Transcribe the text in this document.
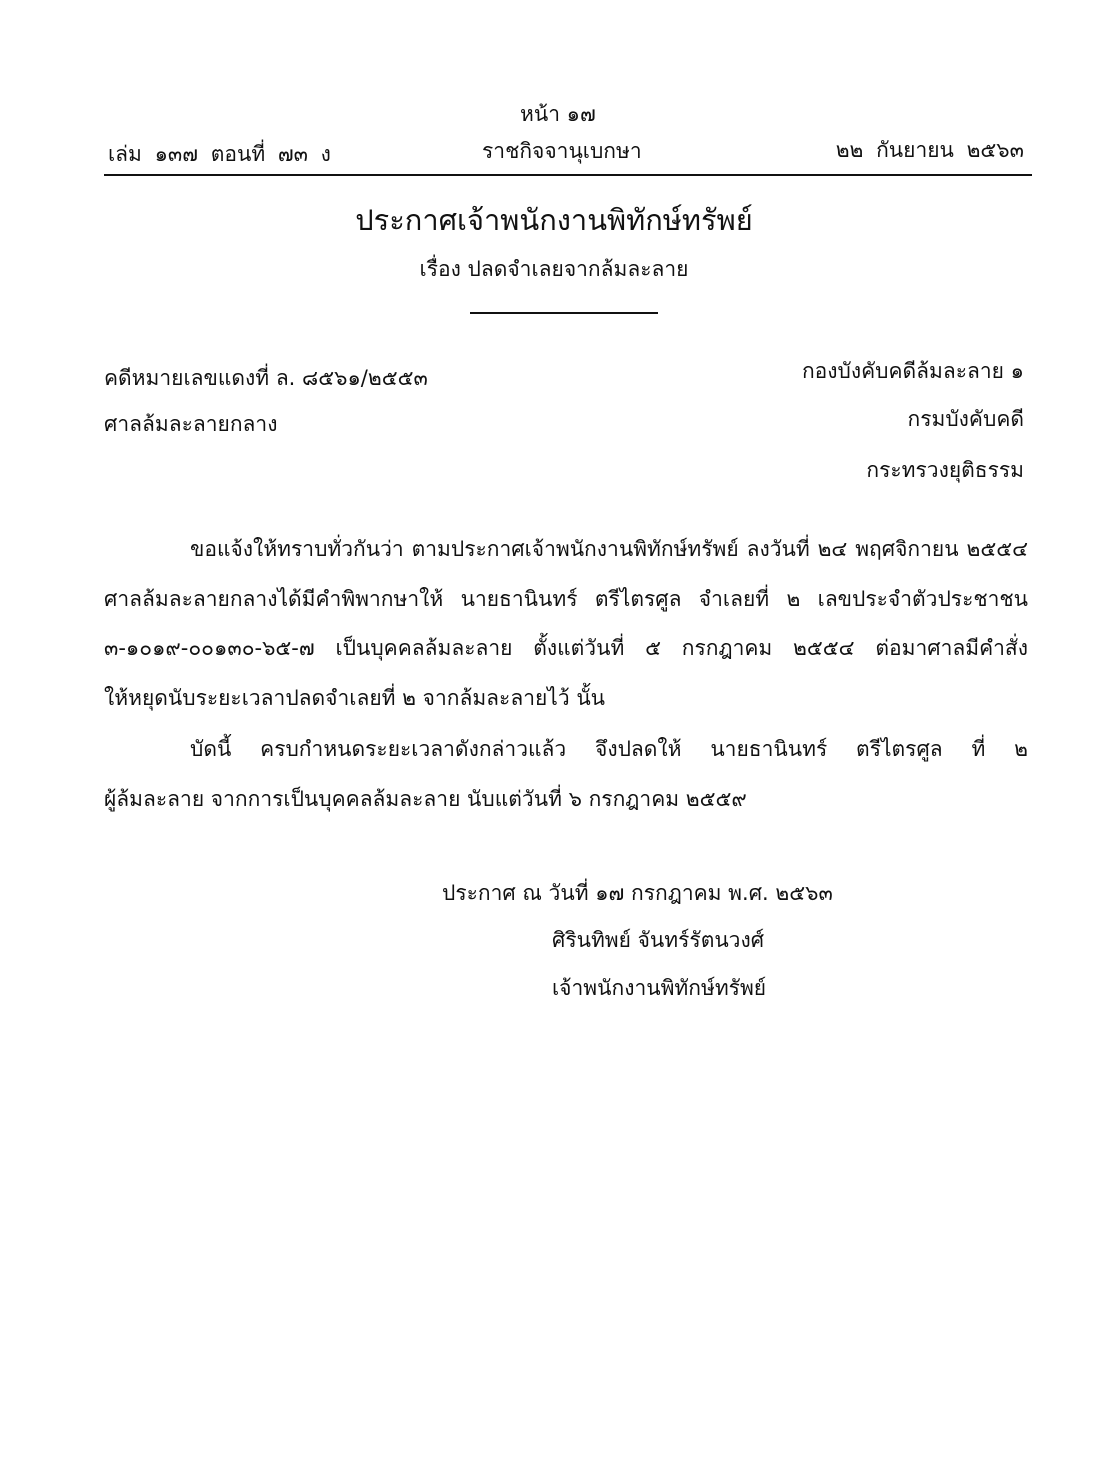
หน้า ๑๗
เล่ม ๑๓๗ ตอนที่ ๗๓ ง	ราชกิจจานุเบกษา	๒๒ กันยายน ๒๕๖๓
ประกาศเจ้าพนักงานพิทักษ์ทรัพย์
เรื่อง ปลดจำเลยจากล้มละลาย
คดีหมายเลขแดงที่ ล. ๘๕๖๑/๒๕๕๓
ศาลล้มละลายกลาง
กองบังคับคดีล้มละลาย ๑
กรมบังคับคดี
กระทรวงยุติธรรม
ขอแจ้งให้ทราบทั่วกันว่า ตามประกาศเจ้าพนักงานพิทักษ์ทรัพย์ ลงวันที่ ๒๔ พฤศจิกายน ๒๕๕๔
ศาลล้มละลายกลางได้มีคำพิพากษาให้ นายธานินทร์ ตรีไตรศูล จำเลยที่ ๒ เลขประจำตัวประชาชน
๓-๑๐๑๙-๐๐๑๓๐-๖๕-๗ เป็นบุคคลล้มละลาย ตั้งแต่วันที่ ๕ กรกฎาคม ๒๕๕๔ ต่อมาศาลมีคำสั่ง
ให้หยุดนับระยะเวลาปลดจำเลยที่ ๒ จากล้มละลายไว้ นั้น
บัดนี้ ครบกำหนดระยะเวลาดังกล่าวแล้ว จึงปลดให้ นายธานินทร์ ตรีไตรศูล ที่ ๒
ผู้ล้มละลาย จากการเป็นบุคคลล้มละลาย นับแต่วันที่ ๖ กรกฎาคม ๒๕๕๙
ประกาศ ณ วันที่ ๑๗ กรกฎาคม พ.ศ. ๒๕๖๓
ศิรินทิพย์ จันทร์รัตนวงศ์
เจ้าพนักงานพิทักษ์ทรัพย์
